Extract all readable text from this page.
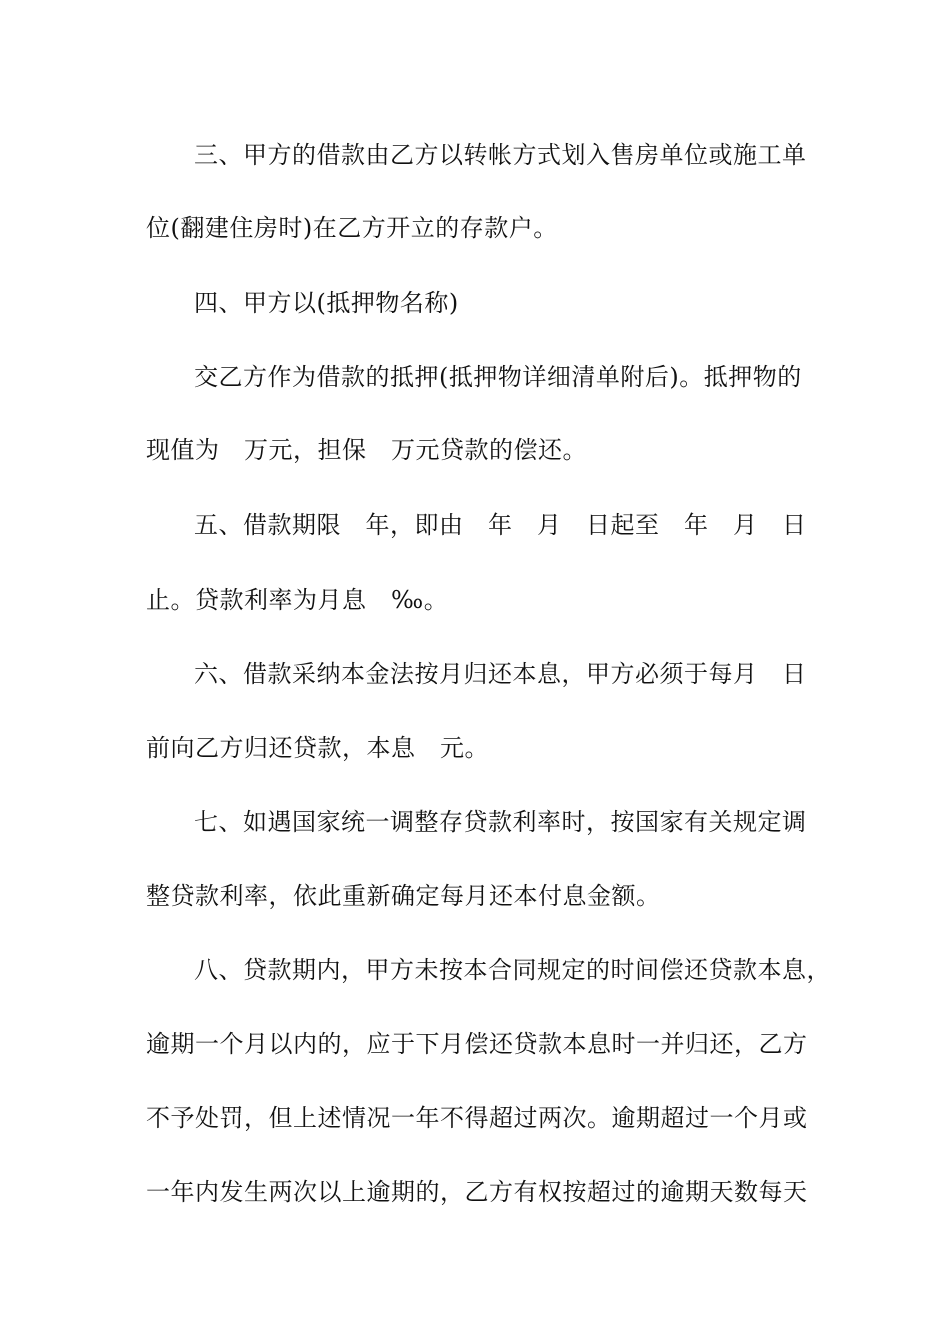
三、甲方的借款由乙方以转帐方式划入售房单位或施工单

位(翻建住房时)在乙方开立的存款户。

四、甲方以(抵押物名称)

交乙方作为借款的抵押(抵押物详细清单附后)。抵押物的

现值为　万元，担保　万元贷款的偿还。

五、借款期限　年，即由　年　月　日起至　年　月　日

止。贷款利率为月息　‰。

六、借款采纳本金法按月归还本息，甲方必须于每月　日

前向乙方归还贷款，本息　元。

七、如遇国家统一调整存贷款利率时，按国家有关规定调

整贷款利率，依此重新确定每月还本付息金额。

八、贷款期内，甲方未按本合同规定的时间偿还贷款本息，

逾期一个月以内的，应于下月偿还贷款本息时一并归还，乙方

不予处罚，但上述情况一年不得超过两次。逾期超过一个月或

一年内发生两次以上逾期的，乙方有权按超过的逾期天数每天
